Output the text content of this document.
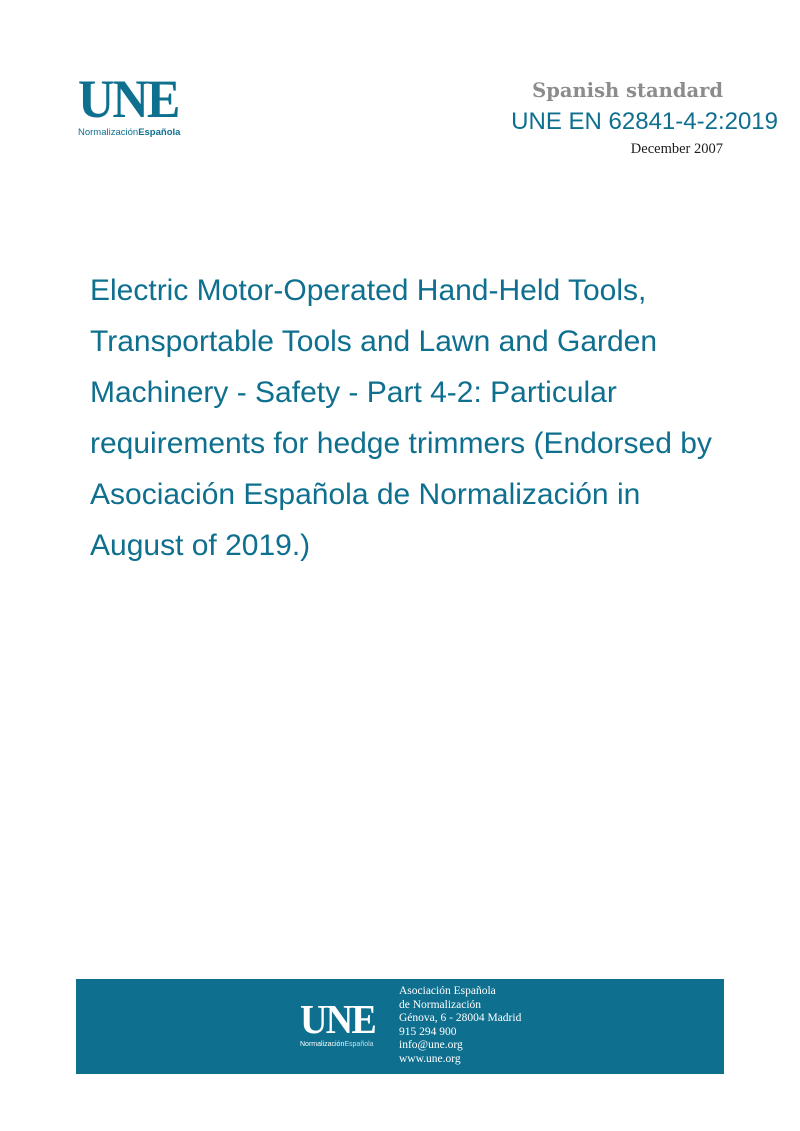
UNE
NormalizaciónEspañola
Spanish standard
UNE EN 62841-4-2:2019
December 2007
Electric Motor-Operated Hand-Held Tools, Transportable Tools and Lawn and Garden Machinery - Safety - Part 4-2: Particular requirements for hedge trimmers (Endorsed by Asociación Española de Normalización in August of 2019.)
UNE
NormalizaciónEspañola
Asociación Española
de Normalización
Génova, 6 - 28004 Madrid
915 294 900
info@une.org
www.une.org
